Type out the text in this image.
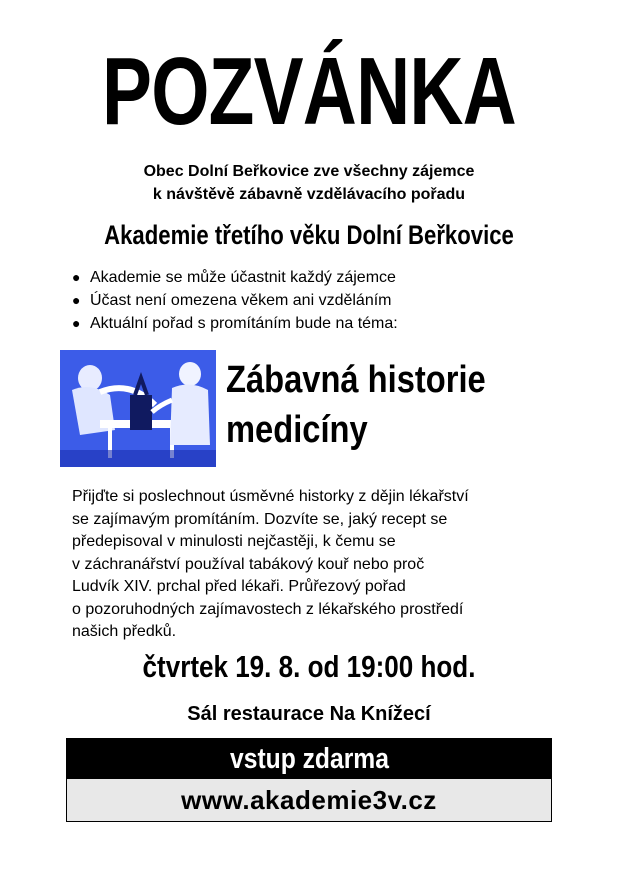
POZVÁNKA
Obec Dolní Beřkovice zve všechny zájemce
k návštěvě zábavně vzdělávacího pořadu
Akademie třetího věku Dolní Beřkovice
● Akademie se může účastnit každý zájemce
● Účast není omezena věkem ani vzděláním
● Aktuální pořad s promítáním bude na téma:
Zábavná historie
medicíny
Přijďte si poslechnout úsměvné historky z dějin lékařství
se zajímavým promítáním. Dozvíte se, jaký recept se
předepisoval v minulosti nejčastěji, k čemu se
v záchranářství používal tabákový kouř nebo proč
Ludvík XIV. prchal před lékaři. Průřezový pořad
o pozoruhodných zajímavostech z lékařského prostředí
našich předků.
čtvrtek 19. 8. od 19:00 hod.
Sál restaurace Na Knížecí
vstup zdarma
www.akademie3v.cz
